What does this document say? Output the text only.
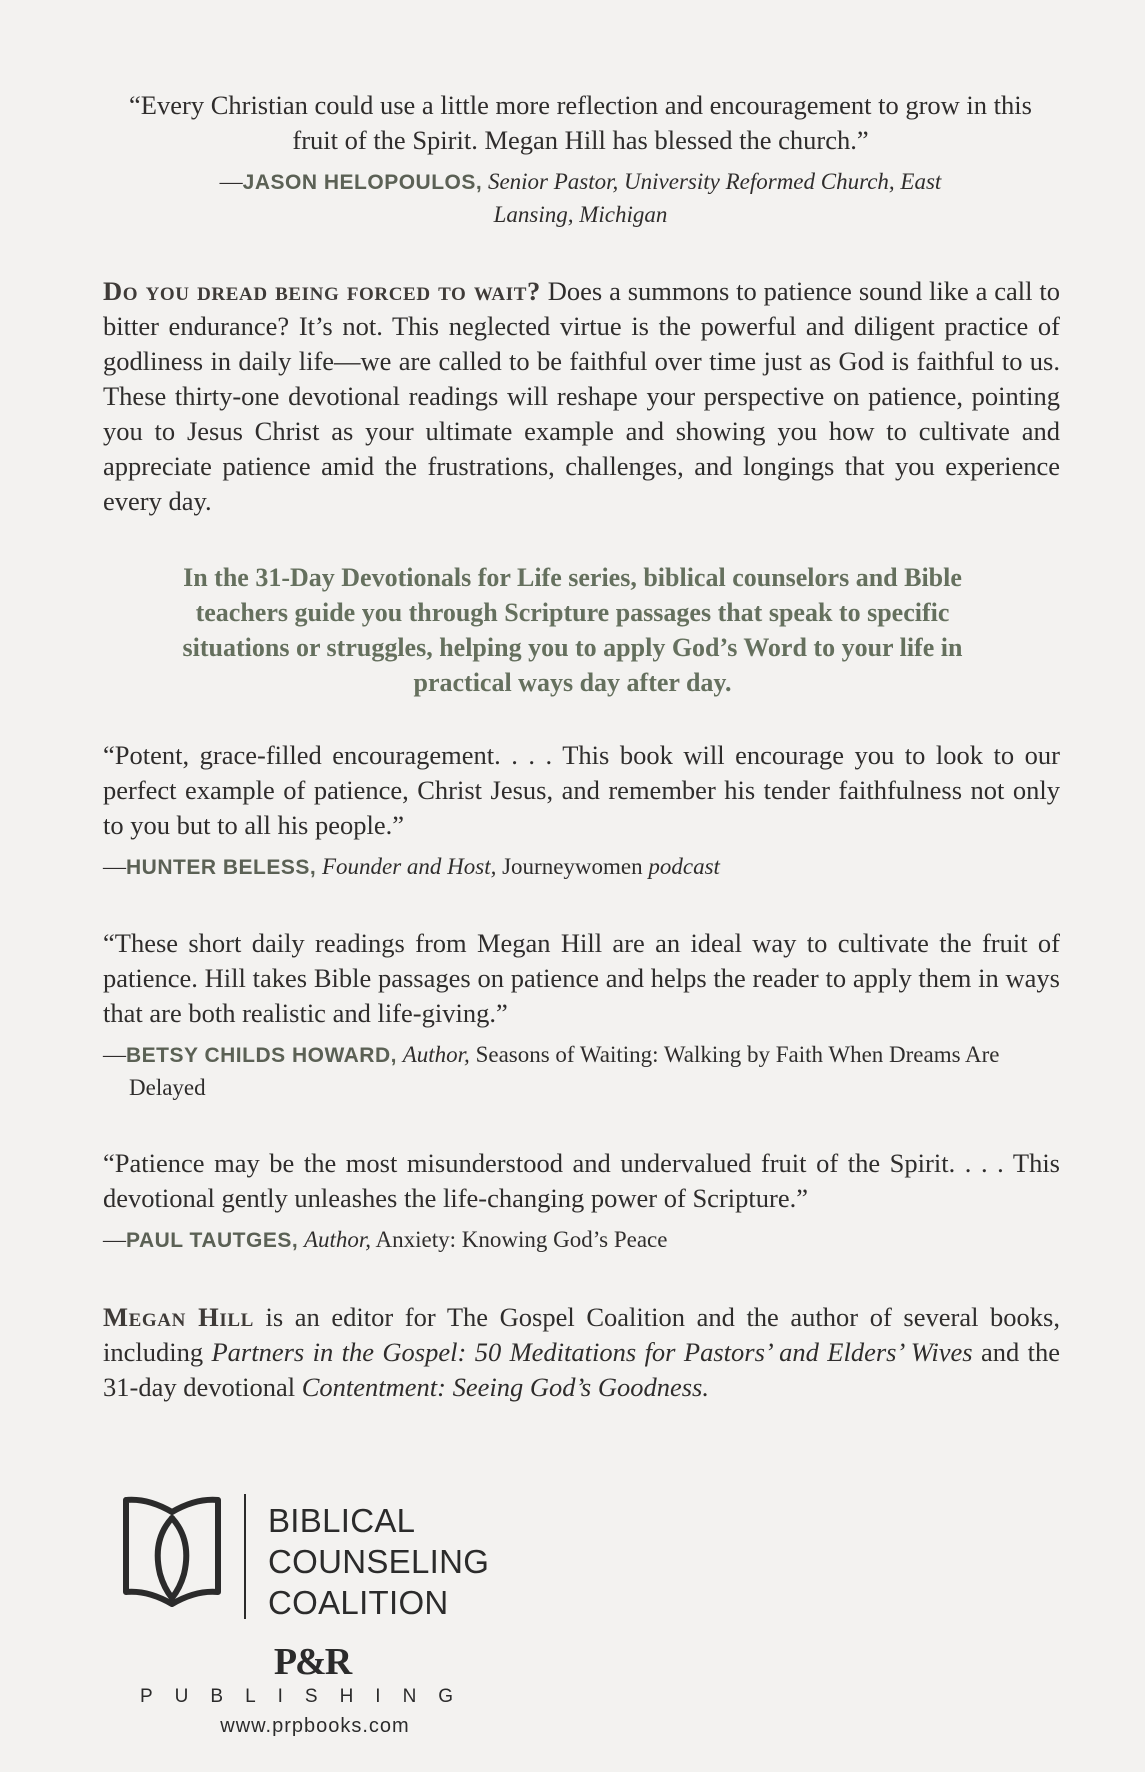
“Every Christian could use a little more reflection and encouragement to grow in this fruit of the Spirit. Megan Hill has blessed the church.”
—JASON HELOPOULOS, Senior Pastor, University Reformed Church, East Lansing, Michigan
Do you dread being forced to wait? Does a summons to patience sound like a call to bitter endurance? It’s not. This neglected virtue is the powerful and diligent practice of godliness in daily life—we are called to be faithful over time just as God is faithful to us. These thirty-one devotional readings will reshape your perspective on patience, pointing you to Jesus Christ as your ultimate example and showing you how to cultivate and appreciate patience amid the frustrations, challenges, and longings that you experience every day.
In the 31-Day Devotionals for Life series, biblical counselors and Bible teachers guide you through Scripture passages that speak to specific situations or struggles, helping you to apply God’s Word to your life in practical ways day after day.
“Potent, grace-filled encouragement. . . . This book will encourage you to look to our perfect example of patience, Christ Jesus, and remember his tender faithfulness not only to you but to all his people.”
—HUNTER BELESS, Founder and Host, Journeywomen podcast
“These short daily readings from Megan Hill are an ideal way to cultivate the fruit of patience. Hill takes Bible passages on patience and helps the reader to apply them in ways that are both realistic and life-giving.”
—BETSY CHILDS HOWARD, Author, Seasons of Waiting: Walking by Faith When Dreams Are Delayed
“Patience may be the most misunderstood and undervalued fruit of the Spirit. . . . This devotional gently unleashes the life-changing power of Scripture.”
—PAUL TAUTGES, Author, Anxiety: Knowing God’s Peace
Megan Hill is an editor for The Gospel Coalition and the author of several books, including Partners in the Gospel: 50 Meditations for Pastors’ and Elders’ Wives and the 31-day devotional Contentment: Seeing God’s Goodness.
BIBLICAL
COUNSELING
COALITION
P&R
PUBLISHING
www.prpbooks.com
